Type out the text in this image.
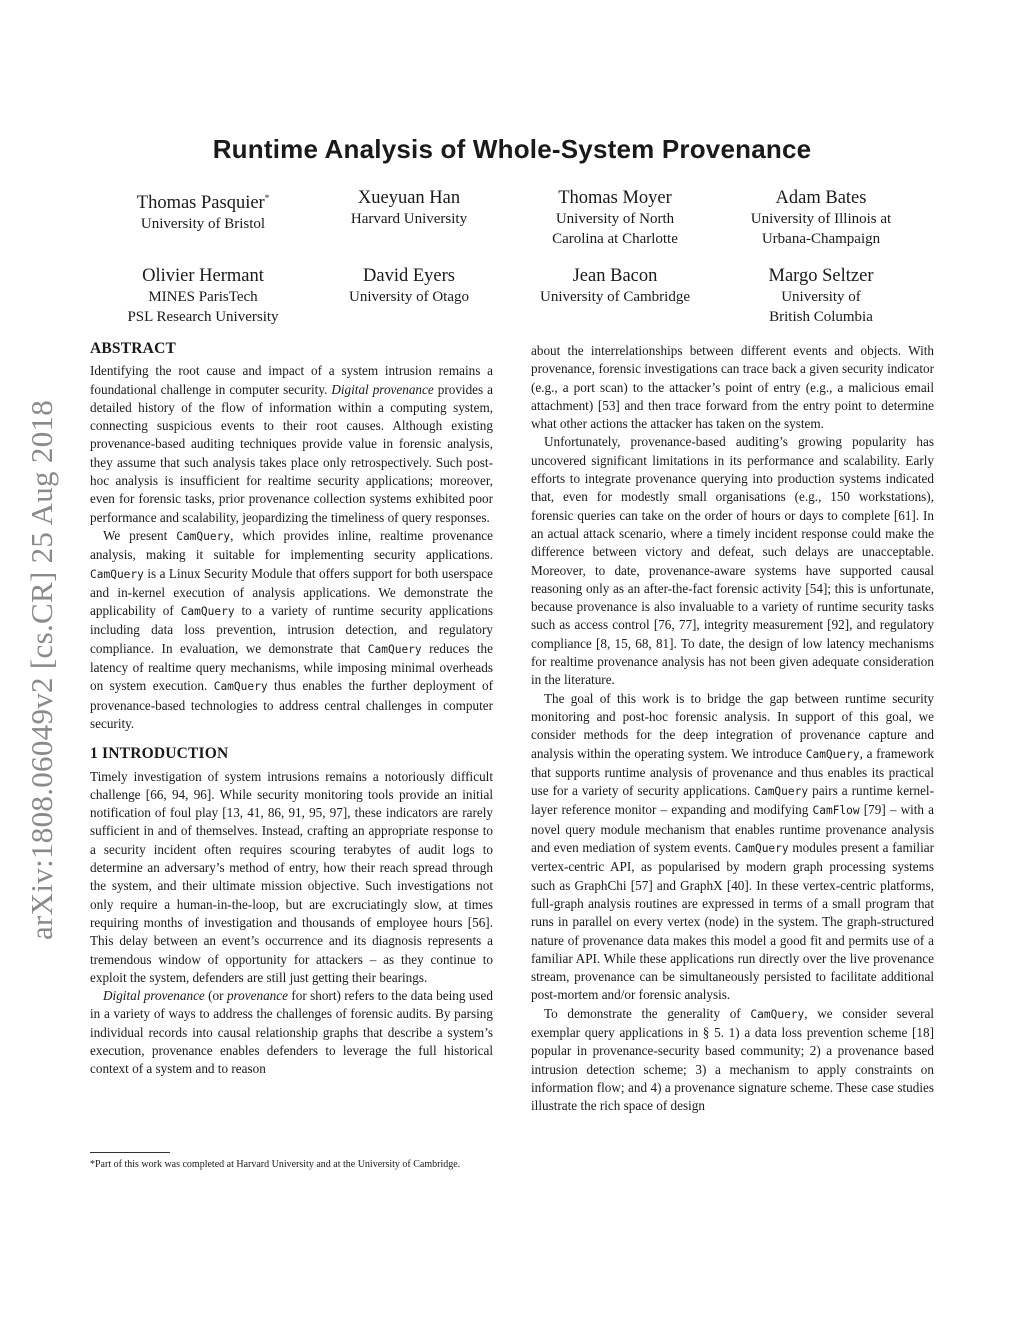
arXiv:1808.06049v2 [cs.CR] 25 Aug 2018
Runtime Analysis of Whole-System Provenance
Thomas Pasquier*
University of Bristol
Xueyuan Han
Harvard University
Thomas Moyer
University of North
Carolina at Charlotte
Adam Bates
University of Illinois at
Urbana-Champaign
Olivier Hermant
MINES ParisTech
PSL Research University
David Eyers
University of Otago
Jean Bacon
University of Cambridge
Margo Seltzer
University of
British Columbia
ABSTRACT

Identifying the root cause and impact of a system intrusion remains a foundational challenge in computer security. Digital provenance provides a detailed history of the flow of information within a computing system, connecting suspicious events to their root causes. Although existing provenance-based auditing techniques provide value in forensic analysis, they assume that such analysis takes place only retrospectively. Such post-hoc analysis is insufficient for realtime security applications; moreover, even for forensic tasks, prior provenance collection systems exhibited poor performance and scalability, jeopardizing the timeliness of query responses.

We present CamQuery, which provides inline, realtime provenance analysis, making it suitable for implementing security applications. CamQuery is a Linux Security Module that offers support for both userspace and in-kernel execution of analysis applications. We demonstrate the applicability of CamQuery to a variety of runtime security applications including data loss prevention, intrusion detection, and regulatory compliance. In evaluation, we demonstrate that CamQuery reduces the latency of realtime query mechanisms, while imposing minimal overheads on system execution. CamQuery thus enables the further deployment of provenance-based technologies to address central challenges in computer security.

1 INTRODUCTION

Timely investigation of system intrusions remains a notoriously difficult challenge [66, 94, 96]. While security monitoring tools provide an initial notification of foul play [13, 41, 86, 91, 95, 97], these indicators are rarely sufficient in and of themselves. Instead, crafting an appropriate response to a security incident often requires scouring terabytes of audit logs to determine an adversary’s method of entry, how their reach spread through the system, and their ultimate mission objective. Such investigations not only require a human-in-the-loop, but are excruciatingly slow, at times requiring months of investigation and thousands of employee hours [56]. This delay between an event’s occurrence and its diagnosis represents a tremendous window of opportunity for attackers – as they continue to exploit the system, defenders are still just getting their bearings.

Digital provenance (or provenance for short) refers to the data being used in a variety of ways to address the challenges of forensic audits. By parsing individual records into causal relationship graphs that describe a system’s execution, provenance enables defenders to leverage the full historical context of a system and to reason

*Part of this work was completed at Harvard University and at the University of Cambridge.

about the interrelationships between different events and objects. With provenance, forensic investigations can trace back a given security indicator (e.g., a port scan) to the attacker’s point of entry (e.g., a malicious email attachment) [53] and then trace forward from the entry point to determine what other actions the attacker has taken on the system.

Unfortunately, provenance-based auditing’s growing popularity has uncovered significant limitations in its performance and scalability. Early efforts to integrate provenance querying into production systems indicated that, even for modestly small organisations (e.g., 150 workstations), forensic queries can take on the order of hours or days to complete [61]. In an actual attack scenario, where a timely incident response could make the difference between victory and defeat, such delays are unacceptable. Moreover, to date, provenance-aware systems have supported causal reasoning only as an after-the-fact forensic activity [54]; this is unfortunate, because provenance is also invaluable to a variety of runtime security tasks such as access control [76, 77], integrity measurement [92], and regulatory compliance [8, 15, 68, 81]. To date, the design of low latency mechanisms for realtime provenance analysis has not been given adequate consideration in the literature.

The goal of this work is to bridge the gap between runtime security monitoring and post-hoc forensic analysis. In support of this goal, we consider methods for the deep integration of provenance capture and analysis within the operating system. We introduce CamQuery, a framework that supports runtime analysis of provenance and thus enables its practical use for a variety of security applications. CamQuery pairs a runtime kernel-layer reference monitor – expanding and modifying CamFlow [79] – with a novel query module mechanism that enables runtime provenance analysis and even mediation of system events. CamQuery modules present a familiar vertex-centric API, as popularised by modern graph processing systems such as GraphChi [57] and GraphX [40]. In these vertex-centric platforms, full-graph analysis routines are expressed in terms of a small program that runs in parallel on every vertex (node) in the system. The graph-structured nature of provenance data makes this model a good fit and permits use of a familiar API. While these applications run directly over the live provenance stream, provenance can be simultaneously persisted to facilitate additional post-mortem and/or forensic analysis.

To demonstrate the generality of CamQuery, we consider several exemplar query applications in § 5. 1) a data loss prevention scheme [18] popular in provenance-security based community; 2) a provenance based intrusion detection scheme; 3) a mechanism to apply constraints on information flow; and 4) a provenance signature scheme. These case studies illustrate the rich space of design
